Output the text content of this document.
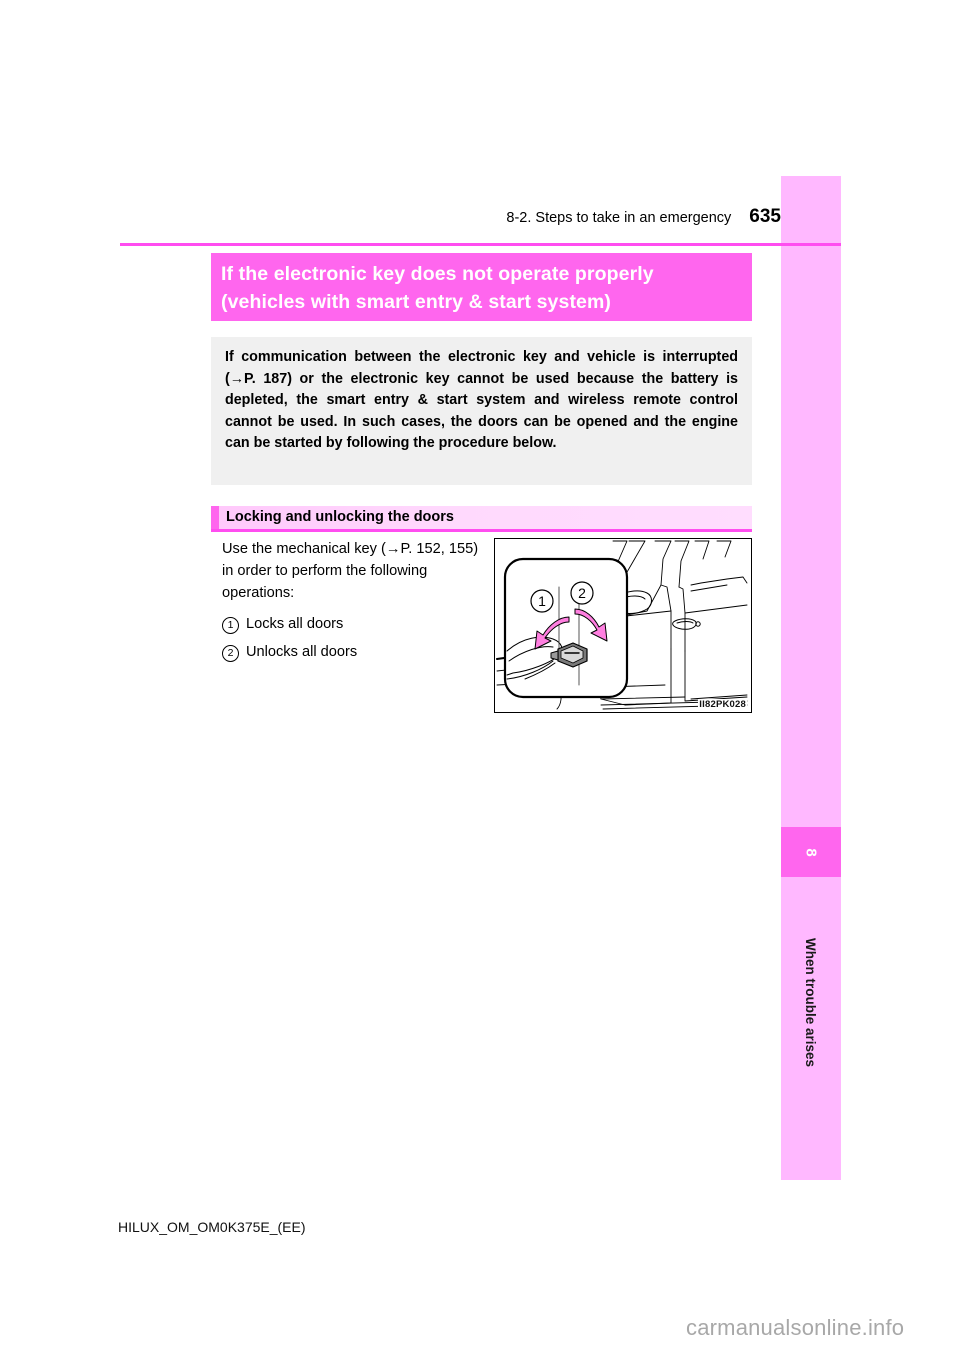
8
When trouble arises
8-2. Steps to take in an emergency 635
If the electronic key does not operate properly
(vehicles with smart entry & start system)

If communication between the electronic key and vehicle is interrupted (→P. 187) or the electronic key cannot be used because the battery is depleted, the smart entry & start system and wireless remote control cannot be used. In such cases, the doors can be opened and the engine can be started by following the procedure below.

Locking and unlocking the doors

Use the mechanical key (→P. 152, 155) in order to perform the following operations:

1 Locks all doors
2 Unlocks all doors
1 2
II82PK028
HILUX_OM_OM0K375E_(EE)
carmanualsonline.info
